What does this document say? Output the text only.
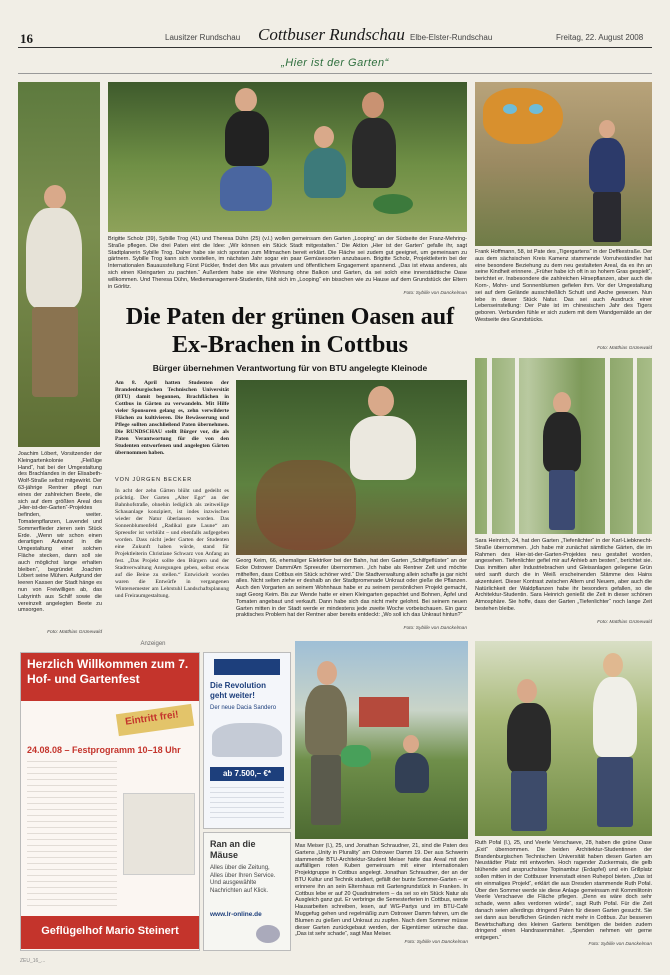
16	Lausitzer Rundschau Cottbuser Rundschau Elbe-Elster-Rundschau	Freitag, 22. August 2008
„Hier ist der Garten“
Brigitte Scholz (39), Sybille Trog (41) und Theresa Dühn (25) (v.l.) wollen gemeinsam den Garten „Looping“ an der Südseite der Franz-Mehring-Straße pflegen. Die drei Paten eint die Idee: „Wir können ein Stück Stadt mitgestalten.“ Die Aktion „Hier ist der Garten“ gefalle ihr, sagt Stadtplanerin Sybille Trog. Daher habe sie sich spontan zum Mitmachen bereit erklärt. Die Fläche sei zudem gut geeignet, um gemeinsam zu gärtnern. Sybille Trog kann sich vorstellen, im nächsten Jahr sogar ein paar Gemüsesorten anzubauen. Brigitte Scholz, Projektleiterin bei der Internationalen Bauausstellung Fürst Pückler, findet den Mix aus privatem und öffentlichem Engagement spannend. „Das ist etwas anderes, als sich einen Kleingarten zu pachten.“ Außerdem habe sie eine Wohnung ohne Balkon und Garten, da sei solch eine innerstädtische Oase willkommen. Und Theresa Dühn, Mediemanagement-Studentin, fühlt sich im „Looping“ ein bisschen wie zu Hause auf dem Grundstück der Eltern in Görlitz.
Foto: Sybille von Danckelman
Frank Hoffmann, 58, ist Pate des „Tigergartens“ in der Deffkestraße. Der aus dem sächsischen Kreis Kamenz stammende Vorruheständler hat eine besondere Beziehung zu dem neu gestalteten Areal, da es ihn an seine Kindheit erinnere. „Früher habe ich oft in so hohem Gras gespielt“, berichtet er. Insbesondere die zahlreichen Hirsepflanzen, aber auch die Korn-, Mohn- und Sonnenblumen gefielen ihm. Vor der Umgestaltung sei auf dem Gelände ausschließlich Schutt und Asche gewesen. Nun lebe in dieser Stück Natur. Das sei auch Ausdruck einer Lebenseinstellung: Der Pate ist im chinesischen Jahr des Tigers geboren. Verbunden fühle er sich zudem mit dem Wandgemälde an der Westseite des Grundstücks.
Foto: Matthias Grünewald
Die Paten der grünen Oasen auf Ex-Brachen in Cottbus
Bürger übernehmen Verantwortung für von BTU angelegte Kleinode
Am 8. April hatten Studenten der Brandenburgischen Technischen Universität (BTU) damit begonnen, Brachflächen in Cottbus in Gärten zu verwandeln. Mit Hilfe vieler Sponsoren gelang es, zehn verwilderte Flächen zu kultivieren. Die Bewässerung und Pflege sollten anschließend Paten übernehmen. Die RUNDSCHAU stellt Bürger vor, die als Paten Verantwortung für die von den Studenten entworfenen und angelegten Gärten übernommen haben.
VON JÜRGEN BECKER
In acht der zehn Gärten blüht und gedeiht es prächtig. Der Garten „Alter Ego“ an der Bahnhofstraße, ohnehin lediglich als zeitweilige Schauanlage konzipiert, ist indes inzwischen wieder der Natur überlassen worden. Das Sonnenblumenfeld „Radikal gute Laune“ am Spreeufer ist verblüht – und ebenfalls aufgegeben worden. Dass nicht jeder Garten der Studenten eine Zukunft haben würde, stand für Projektleiterin Christiane Schwarz von Anfang an fest. „Das Projekt sollte den Bürgern und der Stadtverwaltung Anregungen geben, selbst etwas auf die Beine zu stellen.“ Entwickelt worden waren die Entwürfe in vergangenen Wintersemester am Lehrstuhl Landschaftsplanung und Freiraumgestaltung.
Georg Keim, 66, ehemaliger Elektriker bei der Bahn, hat den Garten „Schilfgeflüster“ an der Ecke Ostrower Damm/Am Spreeufer übernommen. „Ich habe als Rentner Zeit und möchte mithelfen, dass Cottbus ein Stück schöner wird.“ Die Stadtverwaltung allein schaffe ja gar nicht alles. Nicht selten ziehe er deshalb an der Stadtpromenade Unkraut oder gieße die Pflanzen. Auch den Vorgarten an seinem Wohnhaus habe er zu seinem persönlichen Projekt gemacht, sagt Georg Keim. Bis zur Wende hatte er einen Kleingarten gepachtet und Bohnen, Äpfel und Tomaten angebaut und verkauft. Dann habe sich das nicht mehr gelohnt. Bei seinem neuen Garten mitten in der Stadt werde er mindestens jede zweite Woche vorbeischauen. Ein ganz praktisches Problem hat der Rentner aber bereits entdeckt: „Wo soll ich das Unkraut hintun?“
Foto: Sybille von Danckelman
Joachim Löbert, Vorsitzender der Kleingartenkolonie „Fleißige Hand“, hat bei der Umgestaltung des Brachlandes in der Elisabeth-Wolf-Straße selbst mitgewirkt. Der 63-jährige Rentner pflegt nun eines der zahlreichen Beete, die sich auf dem größten Areal des „Hier-ist-der-Garten“-Projektes befinden, weiter. Tomatenpflanzen, Lavendel und Sommerflieder zieren sein Stück Erde. „Wenn wir schon einen derartigen Aufwand in die Umgestaltung einer solchen Fläche stecken, dann soll sie auch möglichst lange erhalten bleiben“, begründet Joachim Löbert seine Mühen. Aufgrund der leeren Kassen der Stadt hänge es nun von Freiwilligen ab, das Labyrinth aus Schilf sowie die vereinzelt angelegten Beete zu umsorgen.
Foto: Matthias Grünewald
Sara Heinrich, 24, hat den Garten „Tiefenlichter“ in der Karl-Liebknecht-Straße übernommen. „Ich habe mir zunächst sämtliche Gärten, die im Rahmen des Hier-ist-der-Garten-Projektes neu gestaltet worden, angesehen. Tiefenlichter gefiel mir auf Anhieb am besten“, berichtet sie. Das inmitten alter Industriebrachen und Gleisanlagen gelegene Grün wird sanft durch die in Weiß erscheinenden Stämme des Hains akzentuiert. Dieser Kontrast zwischen Altem und Neuem, aber auch die Natürlichkeit der Waldpflanzen habe ihr besonders gefallen, so die Architektur-Studentin. Sara Heinrich genießt die Zeit in dieser schönen Atmosphäre. Sie hoffe, dass der Garten „Tiefenlichter“ noch lange Zeit bestehen bleibe.
Foto: Matthias Grünewald
Anzeigen
Herzlich Willkommen zum 7. Hof- und Gartenfest
Eintritt frei!
24.08.08 – Festprogramm 10–18 Uhr
Geflügelhof Mario Steinert
Die Revolution geht weiter!
Der neue Dacia Sandero
ab 7.500,– €*
Ran an die Mäuse
Alles über die Zeitung, Alles über Ihren Service. Und ausgewählte Nachrichten auf Klick.
www.lr-online.de
Max Meiser (l.), 25, und Jonathan Schraudner, 21, sind die Paten des Gartens „Unity in Plurality“ am Ostrower Damm 19. Der aus Schwerin stammende BTU-Architektur-Student Meiser hatte das Areal mit den auffälligen roten Kuben gemeinsam mit einer internationalen Projektgruppe in Cottbus angelegt. Jonathan Schraudner, der an der BTU Kultur und Technik studiert, gefällt der bunte Sommer-Garten – er erinnere ihn an sein Elternhaus mit Gartengrundstück in Franken. In Cottbus lebe er auf 20 Quadratmetern – da sei so ein Stück Natur als Ausgleich ganz gut. Er verbringe die Semesterferien in Cottbus, werde Hausarbeiten schreiben, lesen, auf WG-Partys und im BTU-Café Muggefug gehen und regelmäßig zum Ostrower Damm fahren, um die Blumen zu gießen und Unkraut zu zupfen. Nach dem Sommer müsse dieser Garten zurückgebaut werden, der Eigentümer wünsche das. „Das ist sehr schade“, sagt Max Meiser.
Foto: Sybille von Danckelman
Ruth Pofal (l.), 25, und Veerle Verschaeve, 28, haben die grüne Oase „Exit“ übernommen. Die beiden Architektur-Studentinnen der Brandenburgischen Technischen Universität haben diesen Garten am Neustädter Platz mit entworfen. Hoch ragender Zuckermais, die gelb blühende und anspruchslose Topinambur (Erdapfel) und ein Grillplatz sollen mitten in der Cottbuser Innenstadt einen Ruhepol bieten. „Das ist ein einmaliges Projekt“, erklärt die aus Dresden stammende Ruth Pofal. Über den Sommer werde sie diese Anlage gemeinsam mit Kommilitonin Veerle Verschaeve die Fläche pflegen. „Denn es wäre doch sehr schade, wenn alles verdorren würde“, sagt Ruth Pofal. Für die Zeit danach seien allerdings dringend Paten für diesen Garten gesucht. Sie sei dann aus beruflichen Gründen nicht mehr in Cottbus. Zur besseren Bewirtschaftung des kleinen Gartens benötigen die beiden zudem dringend einen Handrasenmäher. „Spenden nehmen wir gerne entgegen.“
Foto: Sybille von Danckelman
ZEU_16_...
